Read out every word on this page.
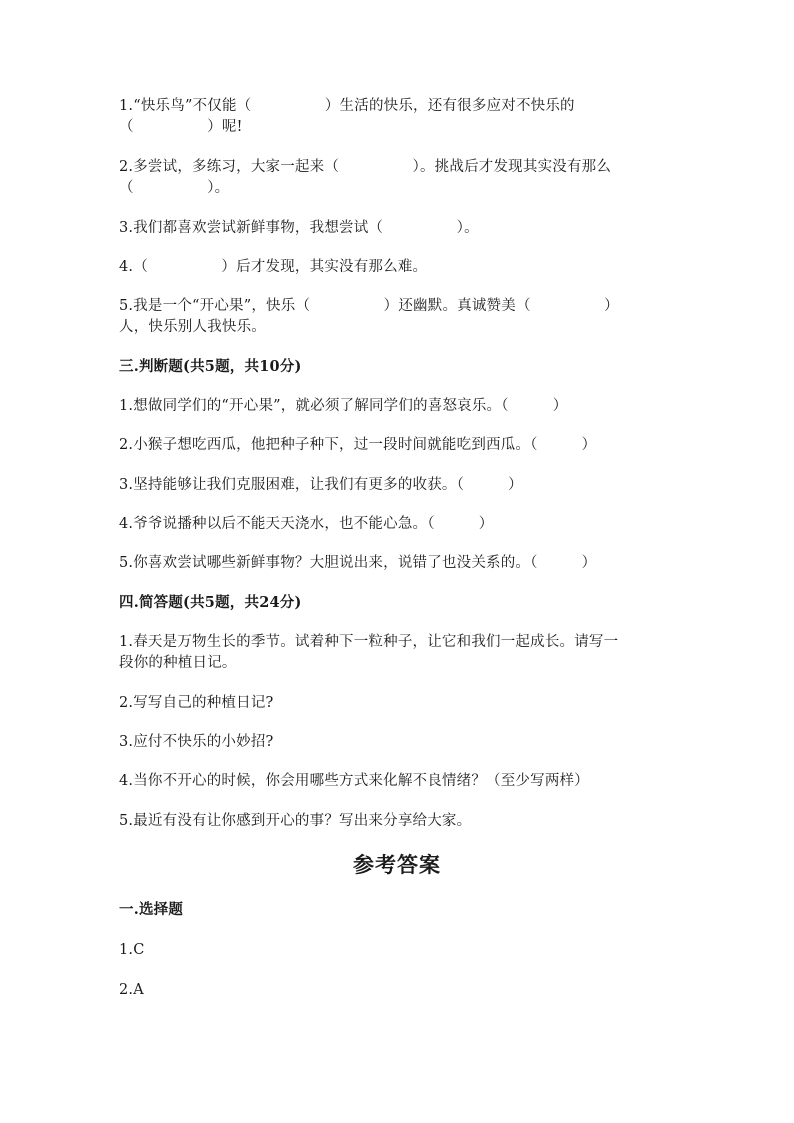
1.“快乐鸟”不仅能（　　　　　）生活的快乐，还有很多应对不快乐的
（　　　　　）呢!
2.多尝试，多练习，大家一起来（　　　　　）。挑战后才发现其实没有那么
（　　　　　）。
3.我们都喜欢尝试新鲜事物，我想尝试（　　　　　）。
4.（　　　　　）后才发现，其实没有那么难。
5.我是一个“开心果”，快乐（　　　　　）还幽默。真诚赞美（　　　　　）
人，快乐别人我快乐。
三.判断题(共5题，共10分)
1.想做同学们的“开心果”，就必须了解同学们的喜怒哀乐。（　　　）
2.小猴子想吃西瓜，他把种子种下，过一段时间就能吃到西瓜。（　　　）
3.坚持能够让我们克服困难，让我们有更多的收获。（　　　）
4.爷爷说播种以后不能天天浇水，也不能心急。（　　　）
5.你喜欢尝试哪些新鲜事物？大胆说出来，说错了也没关系的。（　　　）
四.简答题(共5题，共24分)
1.春天是万物生长的季节。试着种下一粒种子，让它和我们一起成长。请写一
段你的种植日记。
2.写写自己的种植日记?
3.应付不快乐的小妙招?
4.当你不开心的时候，你会用哪些方式来化解不良情绪？（至少写两样）
5.最近有没有让你感到开心的事？写出来分享给大家。
参考答案
一.选择题
1.C
2.A
